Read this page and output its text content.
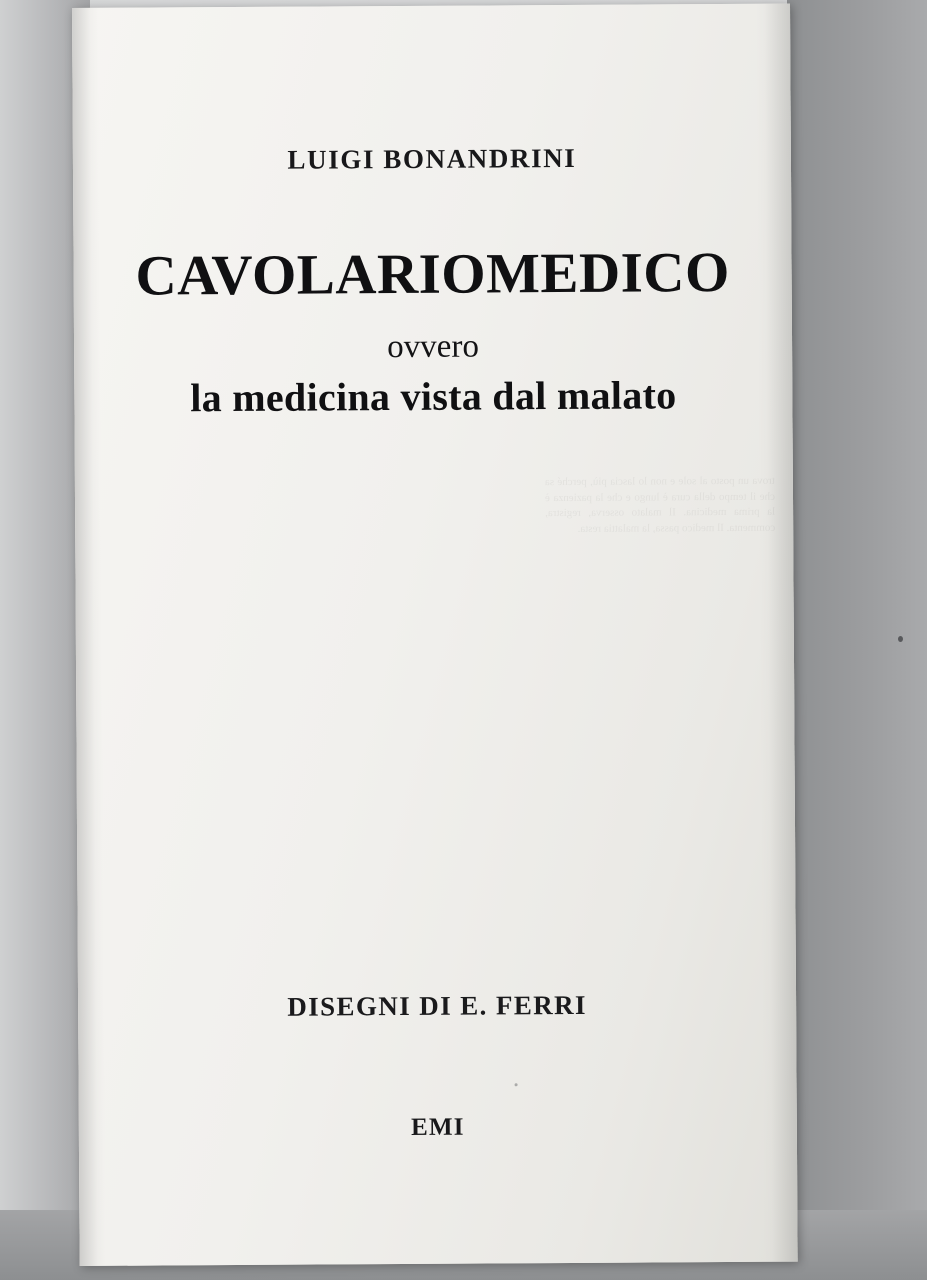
trova un posto al sole e non lo lascia più, perché sa che il tempo della cura è lungo e che la pazienza è la prima medicina. Il malato osserva, registra, commenta. Il medico passa, la malattia resta.
LUIGI BONANDRINI
CAVOLARIOMEDICO
ovvero
la medicina vista dal malato
DISEGNI DI E. FERRI
EMI
